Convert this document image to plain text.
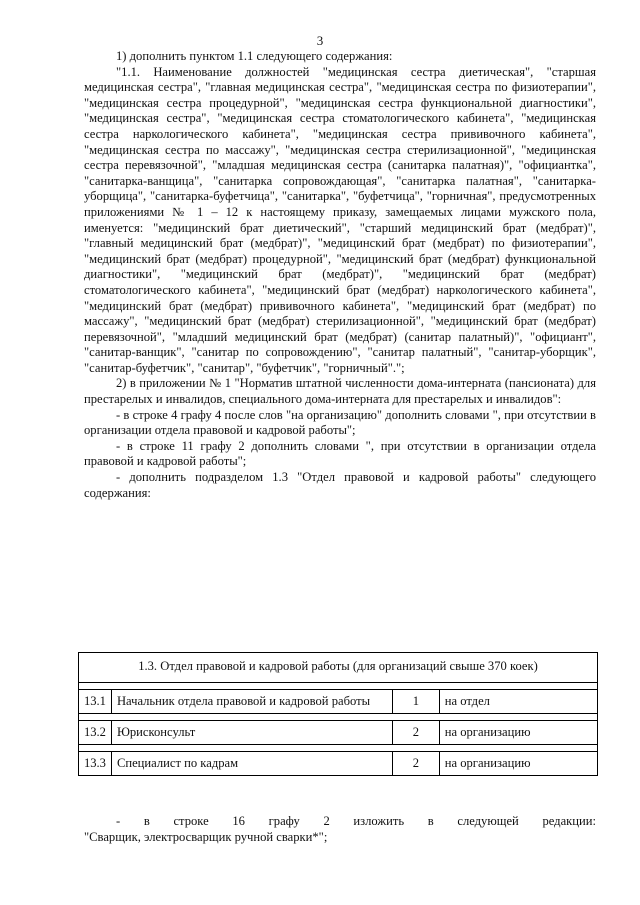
3

1) дополнить пунктом 1.1 следующего содержания:

"1.1. Наименование должностей "медицинская сестра диетическая", "старшая медицинская сестра", "главная медицинская сестра", "медицинская сестра по физиотерапии", "медицинская сестра процедурной", "медицинская сестра функциональной диагностики", "медицинская сестра", "медицинская сестра стоматологического кабинета", "медицинская сестра наркологического кабинета", "медицинская сестра прививочного кабинета", "медицинская сестра по массажу", "медицинская сестра стерилизационной", "медицинская сестра перевязочной", "младшая медицинская сестра (санитарка палатная)", "официантка", "санитарка-ванщица", "санитарка сопровождающая", "санитарка палатная", "санитарка-уборщица", "санитарка-буфетчица", "санитарка", "буфетчица", "горничная", предусмотренных приложениями № 1 – 12 к настоящему приказу, замещаемых лицами мужского пола, именуется: "медицинский брат диетический", "старший медицинский брат (медбрат)", "главный медицинский брат (медбрат)", "медицинский брат (медбрат) по физиотерапии", "медицинский брат (медбрат) процедурной", "медицинский брат (медбрат) функциональной диагностики", "медицинский брат (медбрат)", "медицинский брат (медбрат) стоматологического кабинета", "медицинский брат (медбрат) наркологического кабинета", "медицинский брат (медбрат) прививочного кабинета", "медицинский брат (медбрат) по массажу", "медицинский брат (медбрат) стерилизационной", "медицинский брат (медбрат) перевязочной", "младший медицинский брат (медбрат) (санитар палатный)", "официант", "санитар-ванщик", "санитар по сопровождению", "санитар палатный", "санитар-уборщик", "санитар-буфетчик", "санитар", "буфетчик", "горничный".";

2) в приложении № 1 "Норматив штатной численности дома-интерната (пансионата) для престарелых и инвалидов, специального дома-интерната для престарелых и инвалидов":

- в строке 4 графу 4 после слов "на организацию" дополнить словами ", при отсутствии в организации отдела правовой и кадровой работы";

- в строке 11 графу 2 дополнить словами ", при отсутствии в организации отдела правовой и кадровой работы";

- дополнить подразделом 1.3 "Отдел правовой и кадровой работы" следующего содержания:

1.3. Отдел правовой и кадровой работы (для организаций свыше 370 коек)			

13.1	Начальник отдела правовой и кадровой работы	1	на отдел

13.2	Юрисконсульт	2	на организацию

13.3	Специалист по кадрам	2	на организацию

- в строке 16 графу 2 изложить в следующей редакции:

"Сварщик, электросварщик ручной сварки*";
